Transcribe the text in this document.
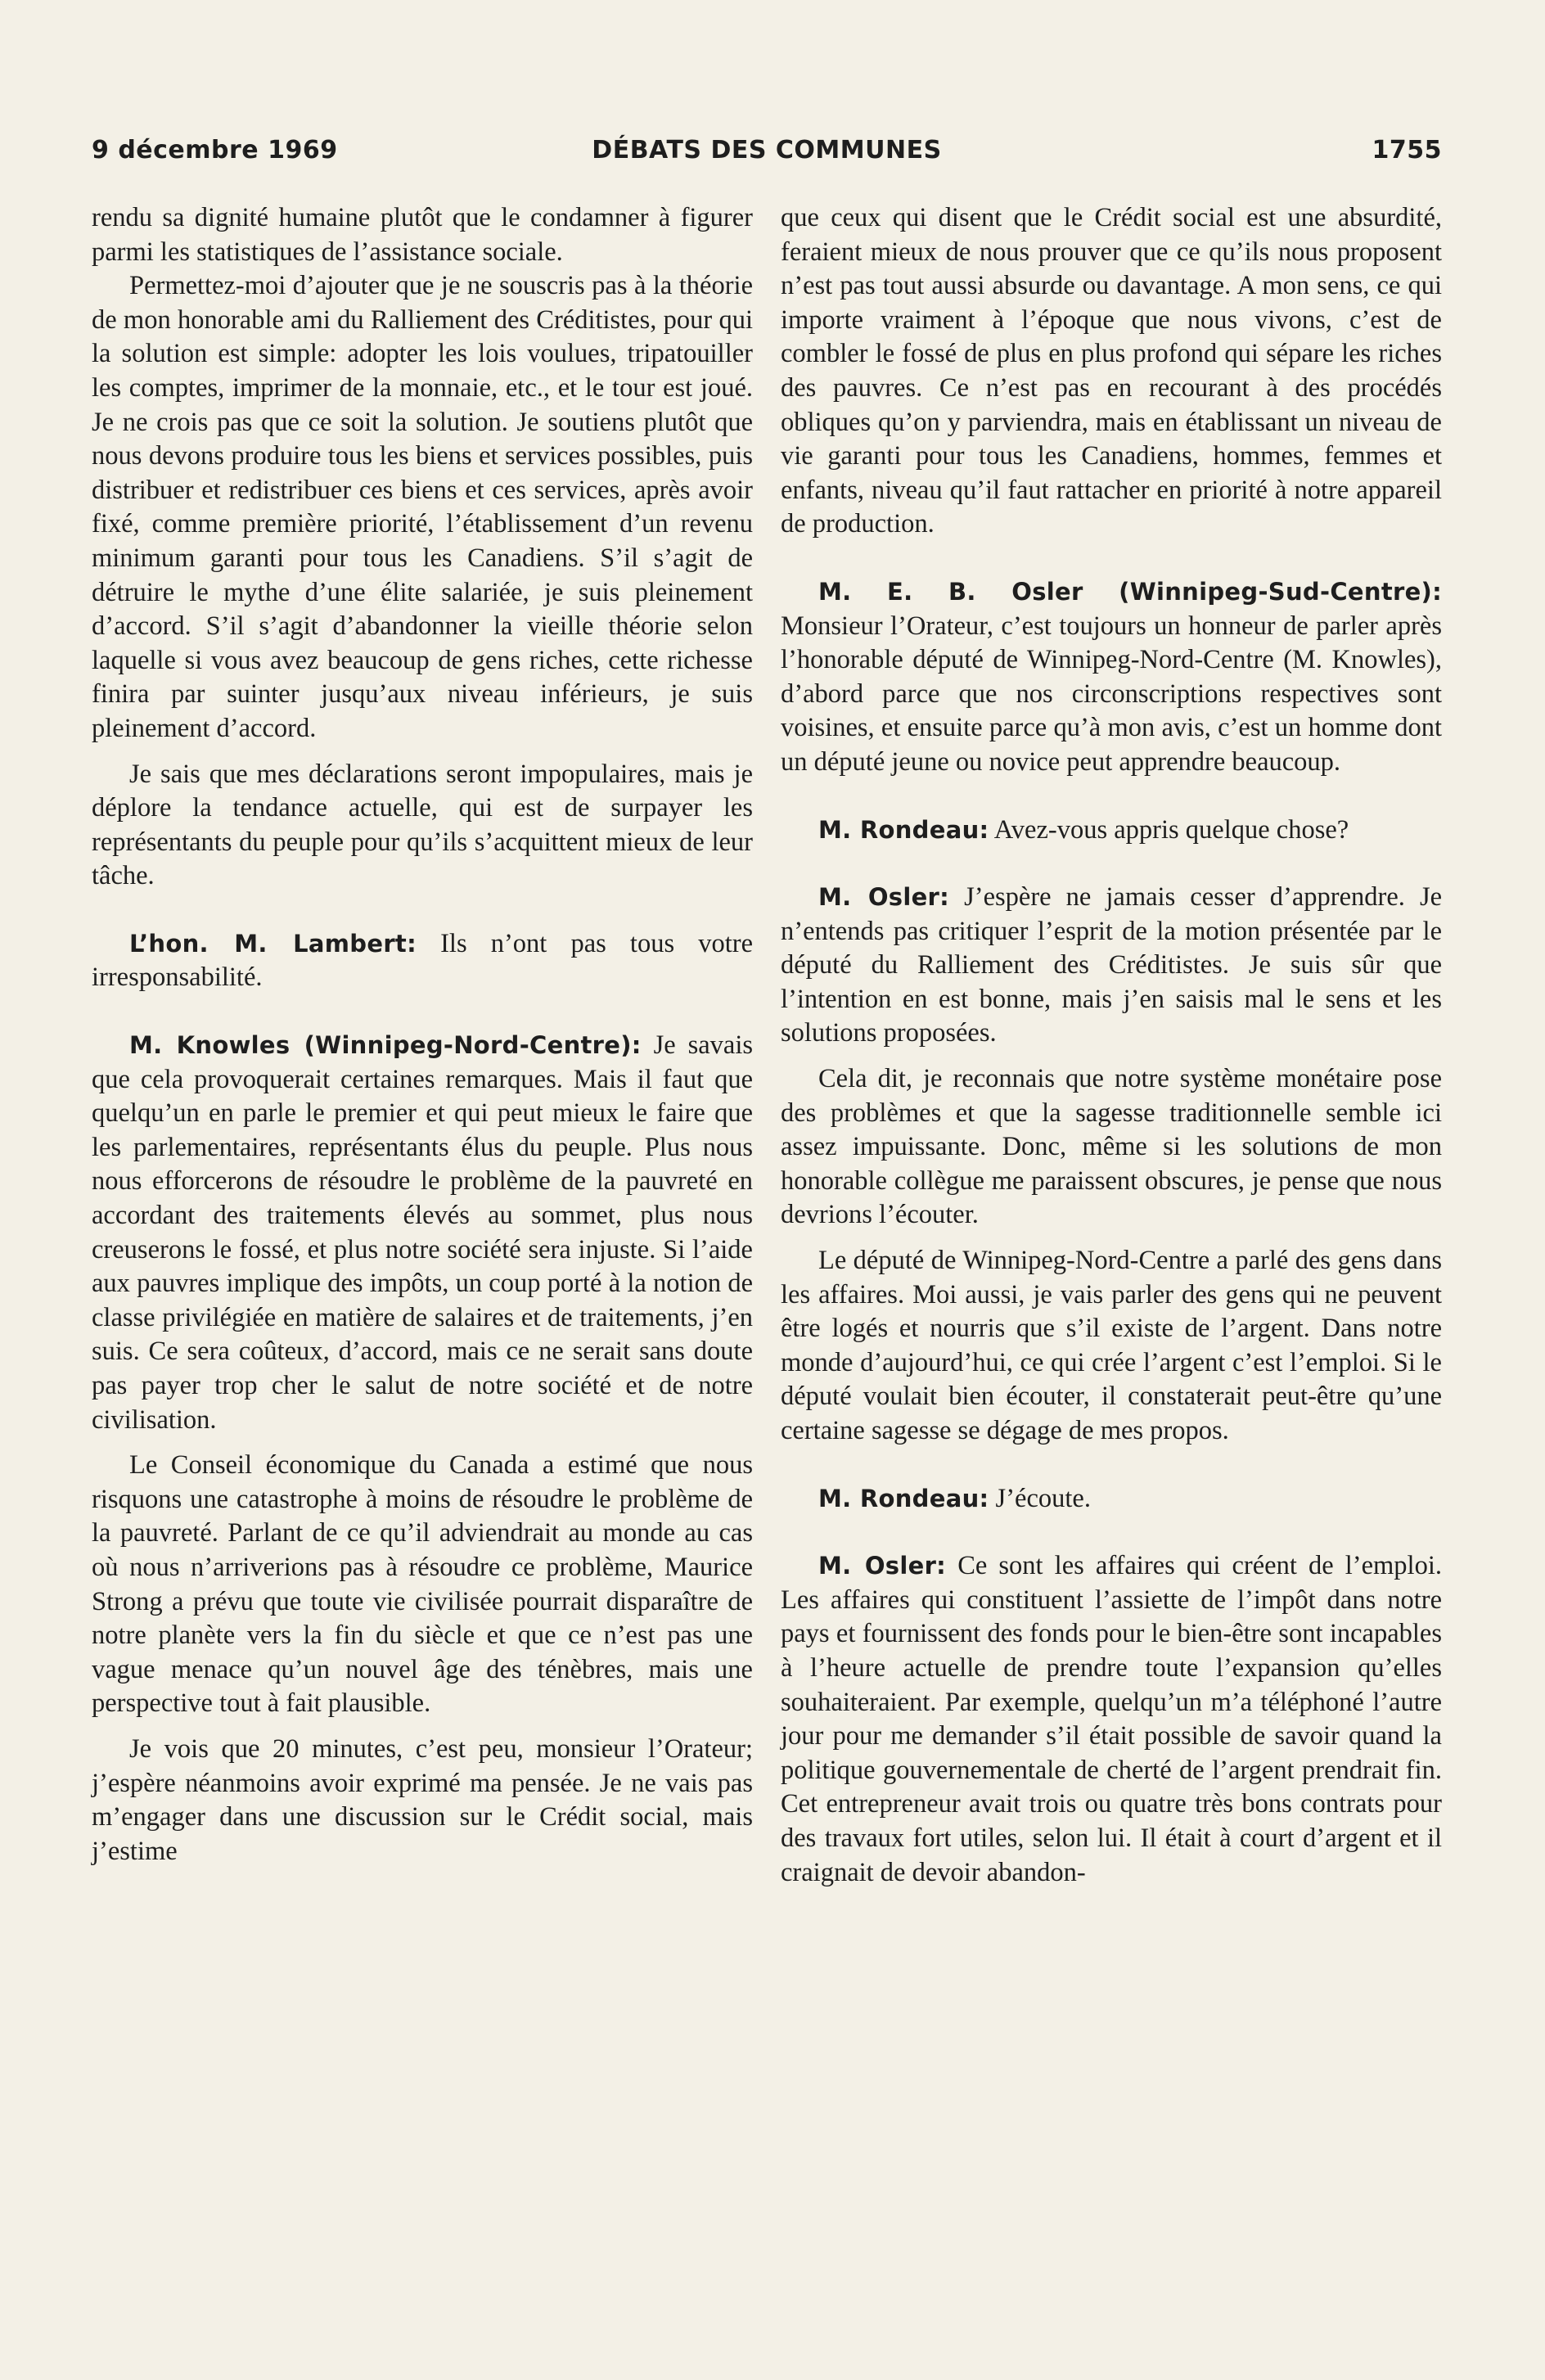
9 décembre 1969	DÉBATS DES COMMUNES	1755

rendu sa dignité humaine plutôt que le condamner à figurer parmi les statistiques de l’assistance sociale.

Permettez-moi d’ajouter que je ne souscris pas à la théorie de mon honorable ami du Ralliement des Créditistes, pour qui la solution est simple: adopter les lois voulues, tripatouiller les comptes, imprimer de la monnaie, etc., et le tour est joué. Je ne crois pas que ce soit la solution. Je soutiens plutôt que nous devons produire tous les biens et services possibles, puis distribuer et redistribuer ces biens et ces services, après avoir fixé, comme première priorité, l’établissement d’un revenu minimum garanti pour tous les Canadiens. S’il s’agit de détruire le mythe d’une élite salariée, je suis pleinement d’accord. S’il s’agit d’abandonner la vieille théorie selon laquelle si vous avez beaucoup de gens riches, cette richesse finira par suinter jusqu’aux niveau inférieurs, je suis pleinement d’accord.

Je sais que mes déclarations seront impopulaires, mais je déplore la tendance actuelle, qui est de surpayer les représentants du peuple pour qu’ils s’acquittent mieux de leur tâche.

L’hon. M. Lambert: Ils n’ont pas tous votre irresponsabilité.

M. Knowles (Winnipeg-Nord-Centre): Je savais que cela provoquerait certaines remarques. Mais il faut que quelqu’un en parle le premier et qui peut mieux le faire que les parlementaires, représentants élus du peuple. Plus nous nous efforcerons de résoudre le problème de la pauvreté en accordant des traitements élevés au sommet, plus nous creuserons le fossé, et plus notre société sera injuste. Si l’aide aux pauvres implique des impôts, un coup porté à la notion de classe privilégiée en matière de salaires et de traitements, j’en suis. Ce sera coûteux, d’accord, mais ce ne serait sans doute pas payer trop cher le salut de notre société et de notre civilisation.

Le Conseil économique du Canada a estimé que nous risquons une catastrophe à moins de résoudre le problème de la pauvreté. Parlant de ce qu’il adviendrait au monde au cas où nous n’arriverions pas à résoudre ce problème, Maurice Strong a prévu que toute vie civilisée pourrait disparaître de notre planète vers la fin du siècle et que ce n’est pas une vague menace qu’un nouvel âge des ténèbres, mais une perspective tout à fait plausible.

Je vois que 20 minutes, c’est peu, monsieur l’Orateur; j’espère néanmoins avoir exprimé ma pensée. Je ne vais pas m’engager dans une discussion sur le Crédit social, mais j’estime

que ceux qui disent que le Crédit social est une absurdité, feraient mieux de nous prouver que ce qu’ils nous proposent n’est pas tout aussi absurde ou davantage. A mon sens, ce qui importe vraiment à l’époque que nous vivons, c’est de combler le fossé de plus en plus profond qui sépare les riches des pauvres. Ce n’est pas en recourant à des procédés obliques qu’on y parviendra, mais en établissant un niveau de vie garanti pour tous les Canadiens, hommes, femmes et enfants, niveau qu’il faut rattacher en priorité à notre appareil de production.

M. E. B. Osler (Winnipeg-Sud-Centre): Monsieur l’Orateur, c’est toujours un honneur de parler après l’honorable député de Winnipeg-Nord-Centre (M. Knowles), d’abord parce que nos circonscriptions respectives sont voisines, et ensuite parce qu’à mon avis, c’est un homme dont un député jeune ou novice peut apprendre beaucoup.

M. Rondeau: Avez-vous appris quelque chose?

M. Osler: J’espère ne jamais cesser d’apprendre. Je n’entends pas critiquer l’esprit de la motion présentée par le député du Ralliement des Créditistes. Je suis sûr que l’intention en est bonne, mais j’en saisis mal le sens et les solutions proposées.

Cela dit, je reconnais que notre système monétaire pose des problèmes et que la sagesse traditionnelle semble ici assez impuissante. Donc, même si les solutions de mon honorable collègue me paraissent obscures, je pense que nous devrions l’écouter.

Le député de Winnipeg-Nord-Centre a parlé des gens dans les affaires. Moi aussi, je vais parler des gens qui ne peuvent être logés et nourris que s’il existe de l’argent. Dans notre monde d’aujourd’hui, ce qui crée l’argent c’est l’emploi. Si le député voulait bien écouter, il constaterait peut-être qu’une certaine sagesse se dégage de mes propos.

M. Rondeau: J’écoute.

M. Osler: Ce sont les affaires qui créent de l’emploi. Les affaires qui constituent l’assiette de l’impôt dans notre pays et fournissent des fonds pour le bien-être sont incapables à l’heure actuelle de prendre toute l’expansion qu’elles souhaiteraient. Par exemple, quelqu’un m’a téléphoné l’autre jour pour me demander s’il était possible de savoir quand la politique gouvernementale de cherté de l’argent prendrait fin. Cet entrepreneur avait trois ou quatre très bons contrats pour des travaux fort utiles, selon lui. Il était à court d’argent et il craignait de devoir abandon-
